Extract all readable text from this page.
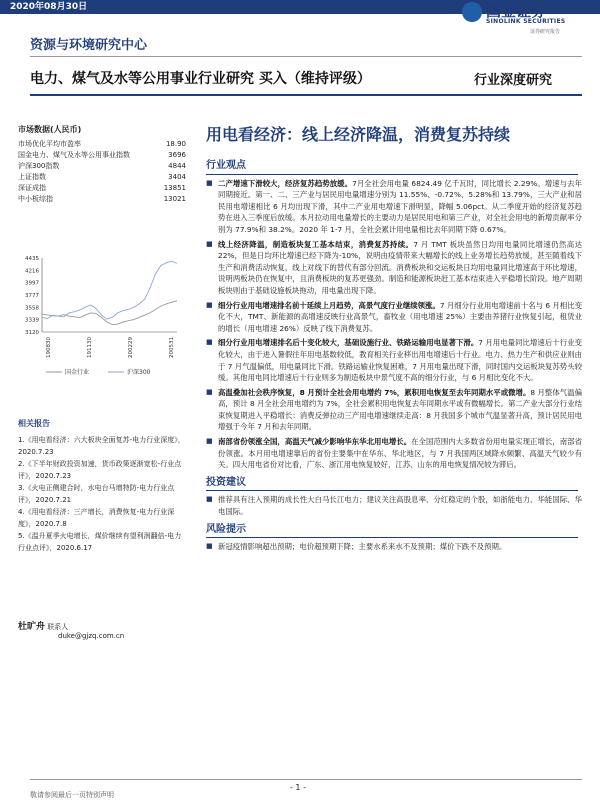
2020年08月30日	国金证券
SINOLINK SECURITIES
证券研究报告
资源与环境研究中心
电力、煤气及水等公用事业行业研究 买入（维持评级）	行业深度研究
市场数据(人民币)
市场优化平均市盈率	18.90
国金电力、煤气及水等公用事业指数	3696
沪深300指数	4844
上证指数	3404
深证成指	13851
中小板综指	13021
4435
4216
3997
3777
3558
3339
3120
190830	191130	200229	200531
国金行业	沪深300
相关报告
1.《用电看经济：六大板块全面复苏-电力行业深度》，2020.7.23
2.《下半年财政投资加速，货币政策逐渐宽松-行业点评》，2020.7.23
3.《火电正侧建合时，水电台马增特防-电力行业点评》，2020.7.21
4.《用电看经济：三产增长，消费恢复-电力行业深度》，2020.7.8
5.《温升夏季火电增长，煤价继续有望利润翻倍-电力行业点评》，2020.6.17
杜旷舟 联系人
duke@gjzq.com.cn
用电看经济：线上经济降温，消费复苏持续
行业观点
■ 二产增速下滑较大，经济复苏趋势放缓。7月全社会用电量 6824.49 亿千瓦时，同比增长 2.29%。增速与去年同期接近。第一、二、三产业与居民用电量增速分别为 11.55%、-0.72%、5.28%和 13.79%，三大产业和居民用电增速相比 6 月均出现下滑，其中二产业用电增速下滑明显，降幅 5.06pct。从二季度开始的经济复苏趋势在进入三季度后放缓。本月拉动用电量增长的主要动力是居民用电和第三产业，对全社会用电的新增贡献率分别为 77.9%和 38.2%。2020 年 1-7 月，全社会累计用电量相比去年同期下降 0.67%。

■ 线上经济降温，制造板块复工基本结束，消费复苏持续。7 月 TMT 板块虽然日均用电量同比增速仍然高达 22%，但是日均环比增速已经下降为-10%，说明由疫情带来大幅增长的线上业务增长趋势放缓，甚至随着线下生产和消费活动恢复，线上对线下的替代有部分回流。消费板块和交运板块日均用电量同比增速高于环比增速，说明两板块仍在恢复中，且消费板块的复苏更强劲。制造和能源板块赶工基本结束进入平稳增长阶段。地产周期板块则由于基础设施板块拖动，用电量出现下降。

■ 细分行业用电增速排名前十延续上月趋势，高景气度行业继续领涨。7 月细分行业用电增速前十名与 6 月相比变化不大，TMT、新能源的高增速反映行业高景气，畜牧业（用电增速 25%）主要由养猪行业恢复引起，租赁业的增长（用电增速 26%）反映了线下消费复苏。

■ 细分行业用电增速排名后十变化较大，基础设施行业、铁路运输用电显著下滑。7 月用电量同比增速后十行业变化较大，由于进入暑假往年用电基数较低，教育相关行业移出用电增速后十行业。电力、热力生产和供应业则由于 7 月气温偏低，用电量同比下滑。铁路运输业恢复困难，7 月用电量出现下滑，同时国内交运板块复苏势头较缓。其他用电同比增速后十行业则多为制造板块中景气度不高的细分行业，与 6 月相比变化不大。

■ 高温叠加社会秩序恢复，8 月预计全社会用电增约 7%，累积用电恢复至去年同期水平或微增。8 月整体气温偏高，预计 8 月全社会用电增约为 7%，全社会累积用电恢复去年同期水平或有微幅增长。第二产业大部分行业结束恢复期进入平稳增长：消费反弹拉动三产用电增速继续走高：8 月我国多个城市气温显著升高，预计居民用电增强于今年 7 月和去年同期。

■ 南部省份领涨全国，高温天气减少影响华东华北用电增长。在全国范围内大多数省份用电量实现正增长，南部省份领涨。本月用电增速靠后的省份主要集中在华东、华北地区，与 7 月我国两区域降水频繁、高温天气较少有关。四大用电省份对比看，广东、浙江用电恢复较好，江苏、山东的用电恢复情况较为滞后。

投资建议
■ 推荐具有注入预期的成长性大白马长江电力；建议关注高股息率、分红稳定的个股，如浙能电力、华能国际、华电国际。

风险提示
■ 新冠疫情影响超出预期；电价超预期下降；主要水系来水不及预期；煤价下跌不及预期。

- 1 -
敬请参阅最后一页特别声明
